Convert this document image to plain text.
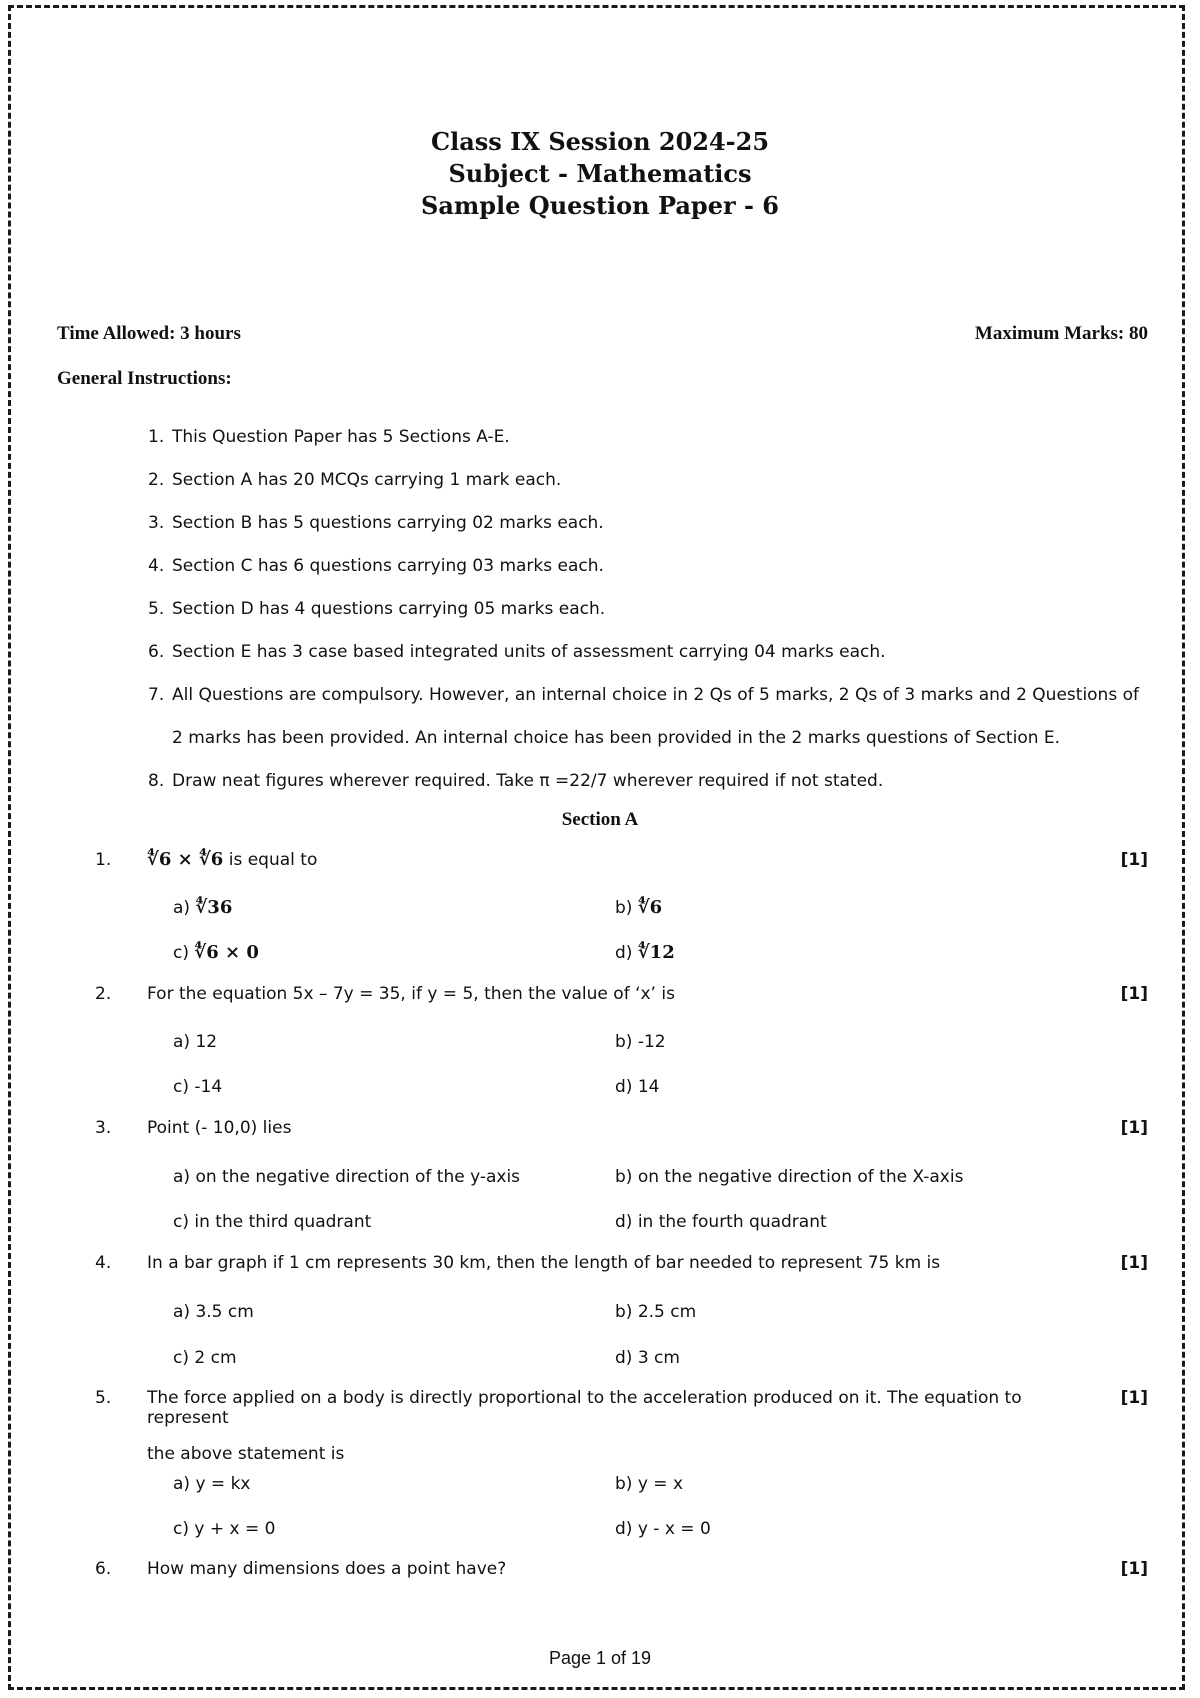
Class IX Session 2024-25
Subject - Mathematics
Sample Question Paper - 6
Time Allowed: 3 hours	Maximum Marks: 80
General Instructions:
1. This Question Paper has 5 Sections A-E.
2. Section A has 20 MCQs carrying 1 mark each.
3. Section B has 5 questions carrying 02 marks each.
4. Section C has 6 questions carrying 03 marks each.
5. Section D has 4 questions carrying 05 marks each.
6. Section E has 3 case based integrated units of assessment carrying 04 marks each.
7. All Questions are compulsory. However, an internal choice in 2 Qs of 5 marks, 2 Qs of 3 marks and 2 Questions of
2 marks has been provided. An internal choice has been provided in the 2 marks questions of Section E.
8. Draw neat figures wherever required. Take π =22/7 wherever required if not stated.
Section A
1. ∜6 × ∜6 is equal to	[1]
a) ∜36	b) ∜6
c) ∜6 × 0	d) ∜12
2. For the equation 5x – 7y = 35, if y = 5, then the value of ‘x’ is	[1]
a) 12	b) -12
c) -14	d) 14
3. Point (- 10,0) lies	[1]
a) on the negative direction of the y-axis	b) on the negative direction of the X-axis
c) in the third quadrant	d) in the fourth quadrant
4. In a bar graph if 1 cm represents 30 km, then the length of bar needed to represent 75 km is	[1]
a) 3.5 cm	b) 2.5 cm
c) 2 cm	d) 3 cm
5. The force applied on a body is directly proportional to the acceleration produced on it. The equation to represent
the above statement is
[1]
a) y = kx	b) y = x
c) y + x = 0	d) y - x = 0
6. How many dimensions does a point have?	[1]
Page 1 of 19
